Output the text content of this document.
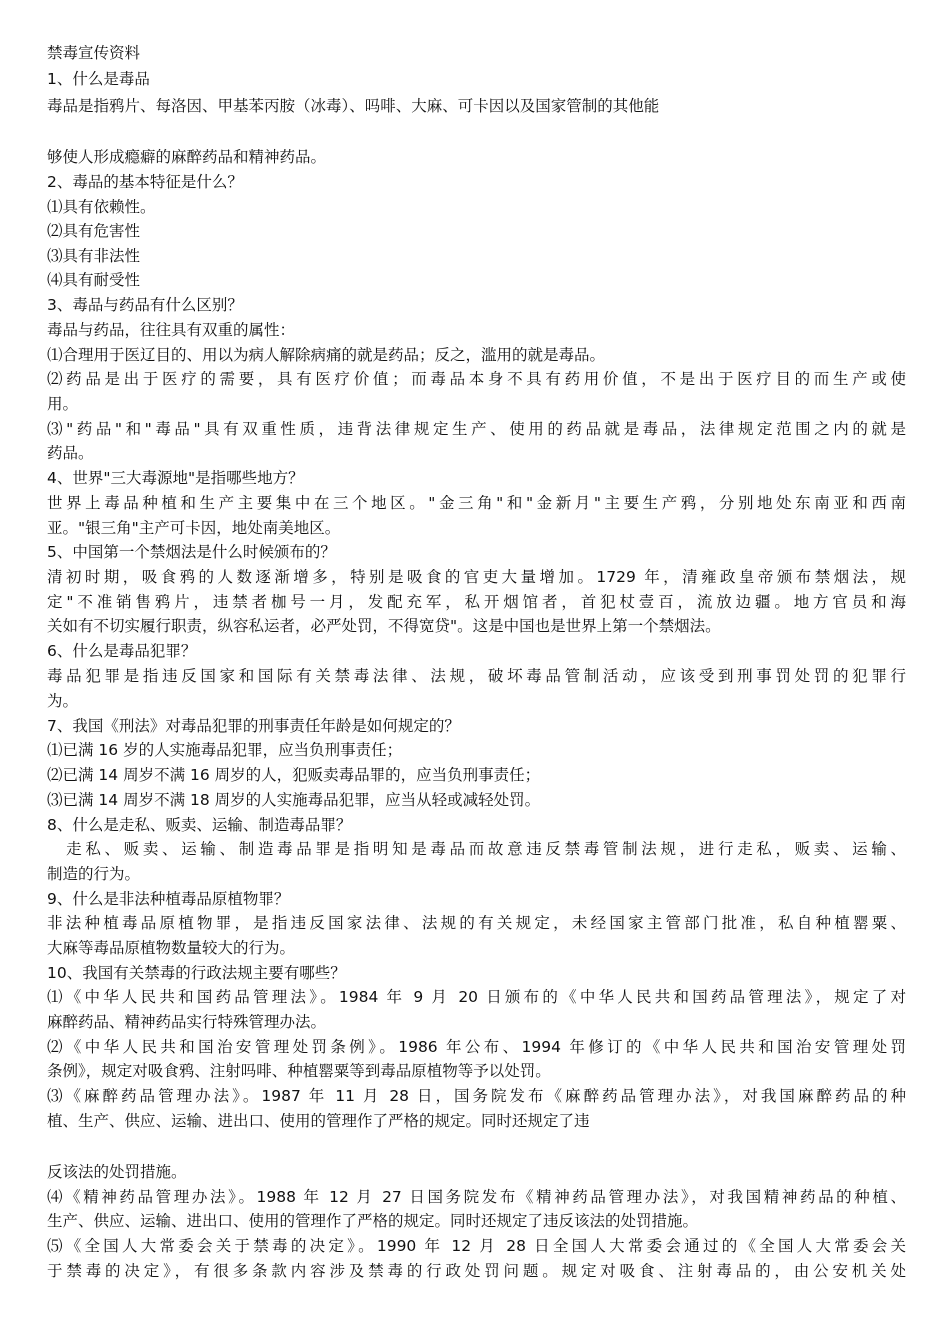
禁毒宣传资料
1、什么是毒品
毒品是指鸦片、每洛因、甲基苯丙胺（冰毒）、吗啡、大麻、可卡因以及国家管制的其他能
够使人形成瘾癖的麻醉药品和精神药品。
2、毒品的基本特征是什么？
⑴具有依赖性。
⑵具有危害性
⑶具有非法性
⑷具有耐受性
3、毒品与药品有什么区别？
毒品与药品，往往具有双重的属性：
⑴合理用于医辽目的、用以为病人解除病痛的就是药品；反之，滥用的就是毒品。
⑵药品是出于医疗的需要，具有医疗价值；而毒品本身不具有药用价值，不是出于医疗目的而生产或使
用。
⑶"药品"和"毒品"具有双重性质，违背法律规定生产、使用的药品就是毒品，法律规定范围之内的就是
药品。
4、世界"三大毒源地"是指哪些地方？
世界上毒品种植和生产主要集中在三个地区。"金三角"和"金新月"主要生产鸦，分别地处东南亚和西南
亚。"银三角"主产可卡因，地处南美地区。
5、中国第一个禁烟法是什么时候颁布的？
清初时期，吸食鸦的人数逐渐增多，特别是吸食的官吏大量增加。1729 年，清雍政皇帝颁布禁烟法，规
定"不准销售鸦片，违禁者枷号一月，发配充军，私开烟馆者，首犯杖壹百，流放边疆。地方官员和海
关如有不切实履行职责，纵容私运者，必严处罚，不得宽贷"。这是中国也是世界上第一个禁烟法。
6、什么是毒品犯罪？
毒品犯罪是指违反国家和国际有关禁毒法律、法规，破坏毒品管制活动，应该受到刑事罚处罚的犯罪行
为。
7、我国《刑法》对毒品犯罪的刑事责任年龄是如何规定的？
⑴已满 16 岁的人实施毒品犯罪，应当负刑事责任；
⑵已满 14 周岁不满 16 周岁的人，犯贩卖毒品罪的，应当负刑事责任；
⑶已满 14 周岁不满 18 周岁的人实施毒品犯罪，应当从轻或减轻处罚。
8、什么是走私、贩卖、运输、制造毒品罪？
　走私、贩卖、运输、制造毒品罪是指明知是毒品而故意违反禁毒管制法规，进行走私，贩卖、运输、
制造的行为。
9、什么是非法种植毒品原植物罪？
非法种植毒品原植物罪，是指违反国家法律、法规的有关规定，未经国家主管部门批准，私自种植罂粟、
大麻等毒品原植物数量较大的行为。
10、我国有关禁毒的行政法规主要有哪些？
⑴《中华人民共和国药品管理法》。1984 年 9 月 20 日颁布的《中华人民共和国药品管理法》，规定了对
麻醉药品、精神药品实行特殊管理办法。
⑵《中华人民共和国治安管理处罚条例》。1986 年公布、1994 年修订的《中华人民共和国治安管理处罚
条例》，规定对吸食鸦、注射吗啡、种植罂粟等到毒品原植物等予以处罚。
⑶《麻醉药品管理办法》。1987 年 11 月 28 日，国务院发布《麻醉药品管理办法》，对我国麻醉药品的种
植、生产、供应、运输、进出口、使用的管理作了严格的规定。同时还规定了违
反该法的处罚措施。
⑷《精神药品管理办法》。1988 年 12 月 27 日国务院发布《精神药品管理办法》，对我国精神药品的种植、
生产、供应、运输、进出口、使用的管理作了严格的规定。同时还规定了违反该法的处罚措施。
⑸《全国人大常委会关于禁毒的决定》。1990 年 12 月 28 日全国人大常委会通过的《全国人大常委会关
于禁毒的决定》，有很多条款内容涉及禁毒的行政处罚问题。规定对吸食、注射毒品的，由公安机关处
